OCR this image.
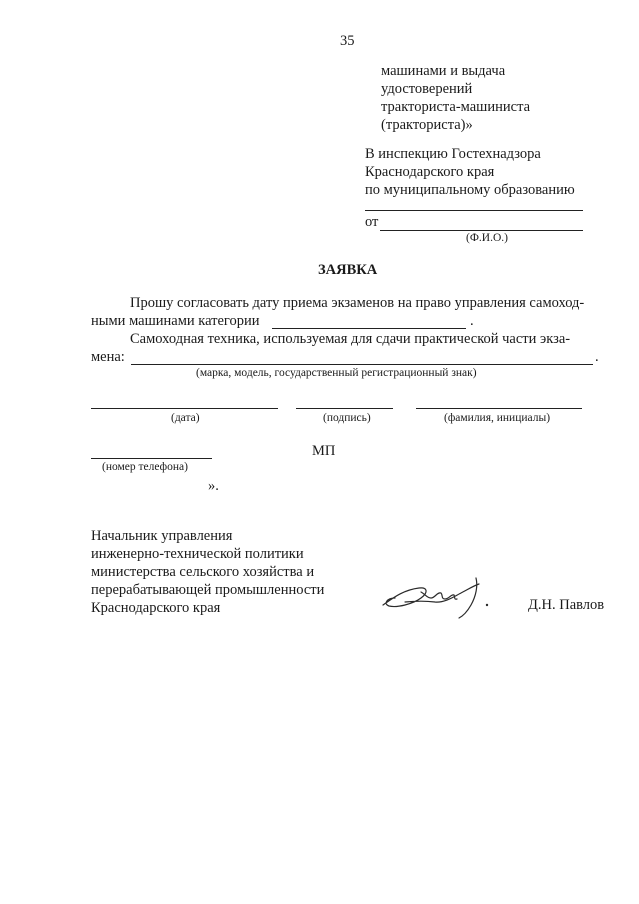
35
машинами и выдача
удостоверений
тракториста-машиниста
(тракториста)»
В инспекцию Гостехнадзора
Краснодарского края
по муниципальному образованию
от
(Ф.И.О.)
ЗАЯВКА
Прошу согласовать дату приема экзаменов на право управления самоход-
ными машинами категории	.
Самоходная техника, используемая для сдачи практической части экза-
мена:	.
(марка, модель, государственный регистрационный знак)
(дата)	(подпись)	(фамилия, инициалы)
МП
(номер телефона)
».
Начальник управления
инженерно-технической политики
министерства сельского хозяйства и
перерабатывающей промышленности
Краснодарского края	Д.Н. Павлов
